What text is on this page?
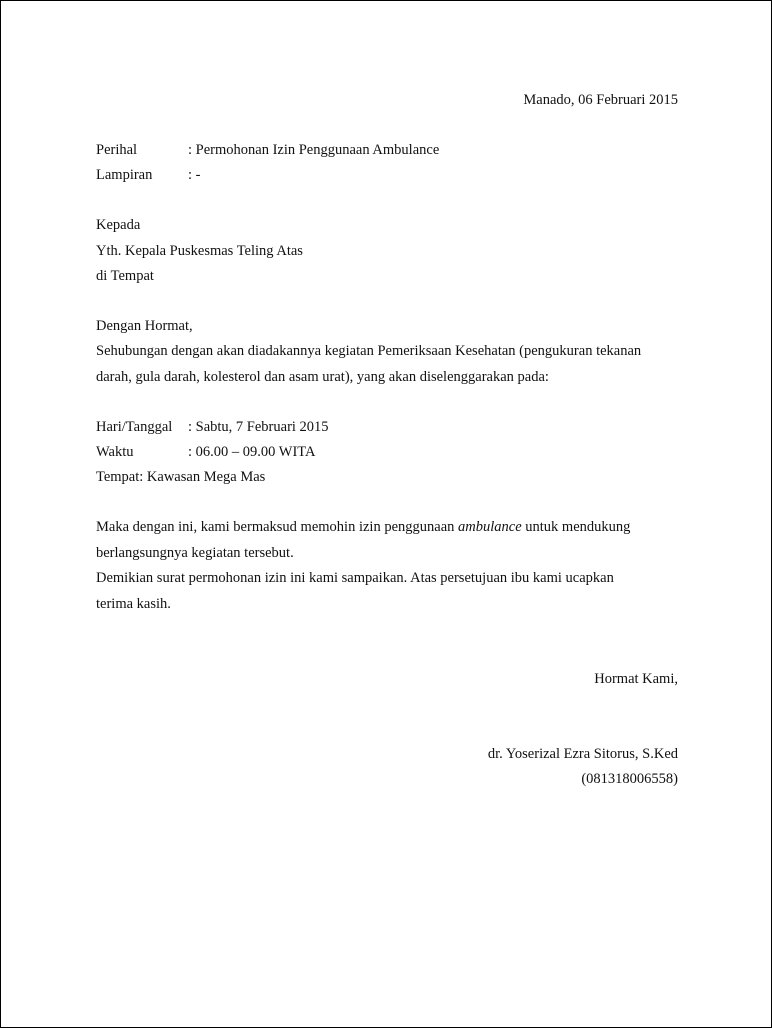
Manado, 06 Februari 2015
Perihal	: Permohonan Izin Penggunaan Ambulance
Lampiran : -
Kepada
Yth. Kepala Puskesmas Teling Atas
di Tempat
Dengan Hormat,
Sehubungan dengan akan diadakannya kegiatan Pemeriksaan Kesehatan (pengukuran tekanan
darah, gula darah, kolesterol dan asam urat), yang akan diselenggarakan pada:
Hari/Tanggal : Sabtu, 7 Februari 2015
Waktu	: 06.00 – 09.00 WITA
Tempat: Kawasan Mega Mas
Maka dengan ini, kami bermaksud memohin izin penggunaan ambulance untuk mendukung
berlangsungnya kegiatan tersebut.
Demikian surat permohonan izin ini kami sampaikan. Atas persetujuan ibu kami ucapkan
terima kasih.
Hormat Kami,
dr. Yoserizal Ezra Sitorus, S.Ked
(081318006558)
